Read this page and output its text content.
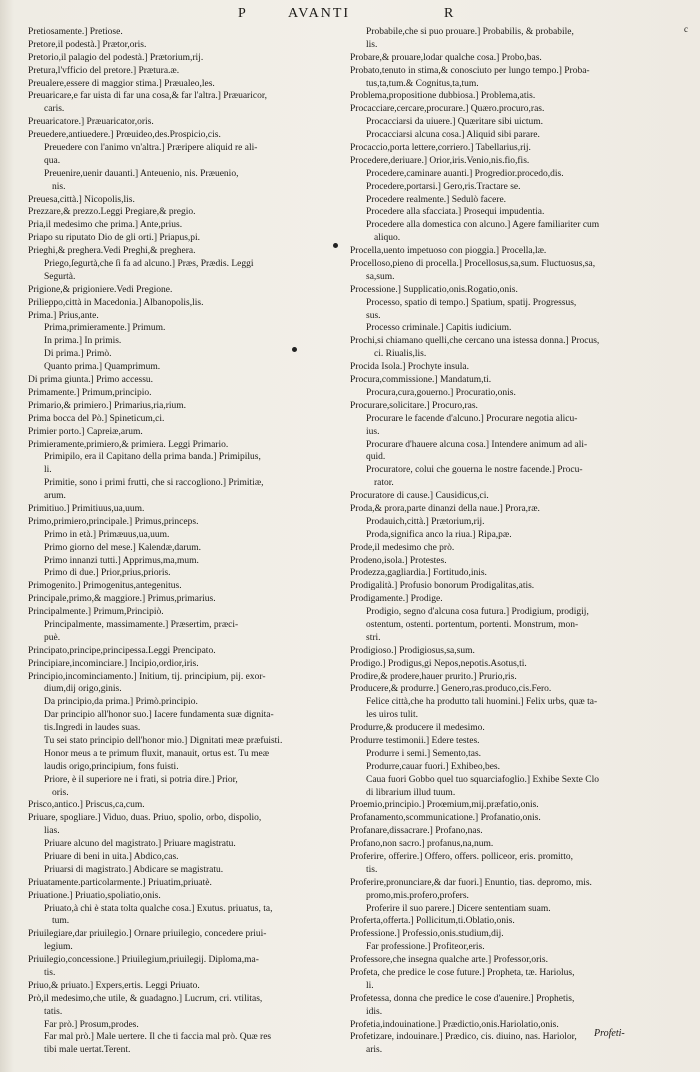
P	AVANTI	R
c
Pretiosamente.] Pretiose.
Pretore,il podestà.] Prætor,oris.
Pretorio,il palagio del podestà.] Prætorium,rij.
Pretura,l'vfficio del pretore.] Prætura.æ.
Preualere,essere di maggior stima.] Præualeo,les.
Preuaricare,e far uista di far una cosa,& far l'altra.] Præuaricor,
caris.
Preuaricatore.] Præuaricator,oris.
Preuedere,antiuedere.] Prœuideo,des.Prospicio,cis.
Preuedere con l'animo vn'altra.] Præripere aliquid re ali-
qua.
Preuenire,uenir dauanti.] Anteuenio, nis. Præuenio,
nis.
Preuesa,città.] Nicopolis,lis.
Prezzare,& prezzo.Leggi Pregiare,& pregio.
Pria,il medesimo che prima.] Ante,prius.
Priapo su riputato Dio de gli orti.] Priapus,pi.
Prieghi,& preghera.Vedi Preghi,& preghera.
Priego,ſegurtà,che ſi fa ad alcuno.] Præs, Prædis. Leggi
Segurtà.
Prigione,& prigioniere.Vedi Pregione.
Prilieppo,città in Macedonia.] Albanopolis,lis.
Prima.] Prius,ante.
Prima,primieramente.] Primum.
In prima.] In primis.
Di prima.] Primò.
Quanto prima.] Quamprimum.
Di prima giunta.] Primo accessu.
Primamente.] Primum,principio.
Primario,& primiero.] Primarius,ria,rium.
Prima bocca del Pò.] Spineticum,ci.
Primier porto.] Capreiæ,arum.
Primieramente,primiero,& primiera. Leggi Primario.
Primipilo, era il Capitano della prima banda.] Primipilus,
li.
Primitie, sono i primi frutti, che si raccogliono.] Primitiæ,
arum.
Primitiuo.] Primitiuus,ua,uum.
Primo,primiero,principale.] Primus,princeps.
Primo in età.] Primæuus,ua,uum.
Primo giorno del mese.] Kalendæ,darum.
Primo innanzi tutti.] Apprimus,ma,mum.
Primo di due.] Prior,prius,prioris.
Primogenito.] Primogenitus,antegenitus.
Principale,primo,& maggiore.] Primus,primarius.
Principalmente.] Primum,Principiò.
Principalmente, massimamente.] Præsertim, præci-
puè.
Principato,principe,principessa.Leggi Prencipato.
Principiare,incominciare.] Incipio,ordior,iris.
Principio,incominciamento.] Initium, tij. principium, pij. exor-
dium,dij origo,ginis.
Da principio,da prima.] Primò.principio.
Dar principio all'honor suo.] Iacere fundamenta suæ dignita-
tis.Ingredi in laudes suas.
Tu sei stato principio dell'honor mio.] Dignitati meæ præfuisti.
Honor meus a te primum fluxit, manauit, ortus est. Tu meæ
laudis origo,principium, fons fuisti.
Priore, è il superiore ne i frati, si potria dire.] Prior,
oris.
Prisco,antico.] Priscus,ca,cum.
Priuare, spogliare.] Viduo, duas. Priuo, spolio, orbo, dispolio,
lias.
Priuare alcuno del magistrato.] Priuare magistratu.
Priuare di beni in uita.] Abdico,cas.
Priuarsi di magistrato.] Abdicare se magistratu.
Priuatamente.particolarmente.] Priuatim,priuatè.
Priuatione.] Priuatio,spoliatio,onis.
Priuato,à chi è stata tolta qualche cosa.] Exutus. priuatus, ta,
tum.
Priuilegiare,dar priuilegio.] Ornare priuilegio, concedere priui-
legium.
Priuilegio,concessione.] Priuilegium,priuilegij. Diploma,ma-
tis.
Priuo,& priuato.] Expers,ertis. Leggi Priuato.
Prò,il medesimo,che utile, & guadagno.] Lucrum, cri. vtilitas,
tatis.
Far prò.] Prosum,prodes.
Far mal prò.] Male uertere. Il che ti faccia mal prò. Quæ res
tibi male uertat.Terent.
Probabile,che si puo prouare.] Probabilis, & probabile,
lis.
Probare,& prouare,lodar qualche cosa.] Probo,bas.
Probato,tenuto in stima,& conosciuto per lungo tempo.] Proba-
tus,ta,tum.& Cognitus,ta,tum.
Problema,propositione dubbiosa.] Problema,atis.
Procacciare,cercare,procurare.] Quæro.procuro,ras.
Procacciarsi da uiuere.] Quæritare sibi uictum.
Procacciarsi alcuna cosa.] Aliquid sibi parare.
Procaccio,porta lettere,corriero.] Tabellarius,rij.
Procedere,deriuare.] Orior,iris.Venio,nis.fio,fis.
Procedere,caminare auanti.] Progredior.procedo,dis.
Procedere,portarsi.] Gero,ris.Tractare se.
Procedere realmente.] Sedulò facere.
Procedere alla sfacciata.] Prosequi impudentia.
Procedere alla domestica con alcuno.] Agere familiariter cum
aliquo.
Procella,uento impetuoso con pioggia.] Procella,læ.
Procelloso,pieno di procella.] Procellosus,sa,sum. Fluctuosus,sa,
sa,sum.
Processione.] Supplicatio,onis.Rogatio,onis.
Processo, spatio di tempo.] Spatium, spatij. Progressus,
sus.
Processo criminale.] Capitis iudicium.
Prochi,si chiamano quelli,che cercano una istessa donna.] Procus,
ci. Riualis,lis.
Procida Isola.] Prochyte insula.
Procura,commissione.] Mandatum,ti.
Procura,cura,gouerno.] Procuratio,onis.
Procurare,solicitare.] Procuro,ras.
Procurare le facende d'alcuno.] Procurare negotia alicu-
ius.
Procurare d'hauere alcuna cosa.] Intendere animum ad ali-
quid.
Procuratore, colui che gouerna le nostre facende.] Procu-
rator.
Procuratore di cause.] Causidicus,ci.
Proda,& prora,parte dinanzi della naue.] Prora,ræ.
Prodauich,città.] Prætorium,rij.
Proda,significa anco la riua.] Ripa,pæ.
Prode,il medesimo che prò.
Prodeno,isola.] Protestes.
Prodezza,gagliardia.] Fortitudo,inis.
Prodigalità.] Profusio bonorum Prodigalitas,atis.
Prodigamente.] Prodige.
Prodigio, segno d'alcuna cosa futura.] Prodigium, prodigij,
ostentum, ostenti. portentum, portenti. Monstrum, mon-
stri.
Prodigioso.] Prodigiosus,sa,sum.
Prodigo.] Prodigus,gi Nepos,nepotis.Asotus,ti.
Prodire,& prodere,hauer prurito.] Prurio,ris.
Producere,& produrre.] Genero,ras.produco,cis.Fero.
Felice città,che ha produtto tali huomini.] Felix urbs, quæ ta-
les uiros tulit.
Produrre,& producere il medesimo.
Produrre testimonii.] Edere testes.
Produrre i semi.] Semento,tas.
Produrre,cauar fuori.] Exhibeo,bes.
Caua fuori Gobbo quel tuo squarciafoglio.] Exhibe Sexte Clo
di librarium illud tuum.
Proemio,principio.] Proœmium,mij.præfatio,onis.
Profanamento,scommunicatione.] Profanatio,onis.
Profanare,dissacrare.] Profano,nas.
Profano,non sacro.] profanus,na,num.
Proferire, offerire.] Offero, offers. polliceor, eris. promitto,
tis.
Proferire,pronunciare,& dar fuori.] Enuntio, tias. depromo, mis.
promo,mis.profero,profers.
Proferire il suo parere.] Dicere sententiam suam.
Proferta,offerta.] Pollicitum,ti.Oblatio,onis.
Professione.] Professio,onis.studium,dij.
Far professione.] Profiteor,eris.
Professore,che insegna qualche arte.] Professor,oris.
Profeta, che predice le cose future.] Propheta, tæ. Hariolus,
li.
Profetessa, donna che predice le cose d'auenire.] Prophetis,
idis.
Profetia,indouinatione.] Prædictio,onis.Hariolatio,onis.
Profetizare, indouinare.] Prædico, cis. diuino, nas. Hariolor,
aris.
Profeti-
